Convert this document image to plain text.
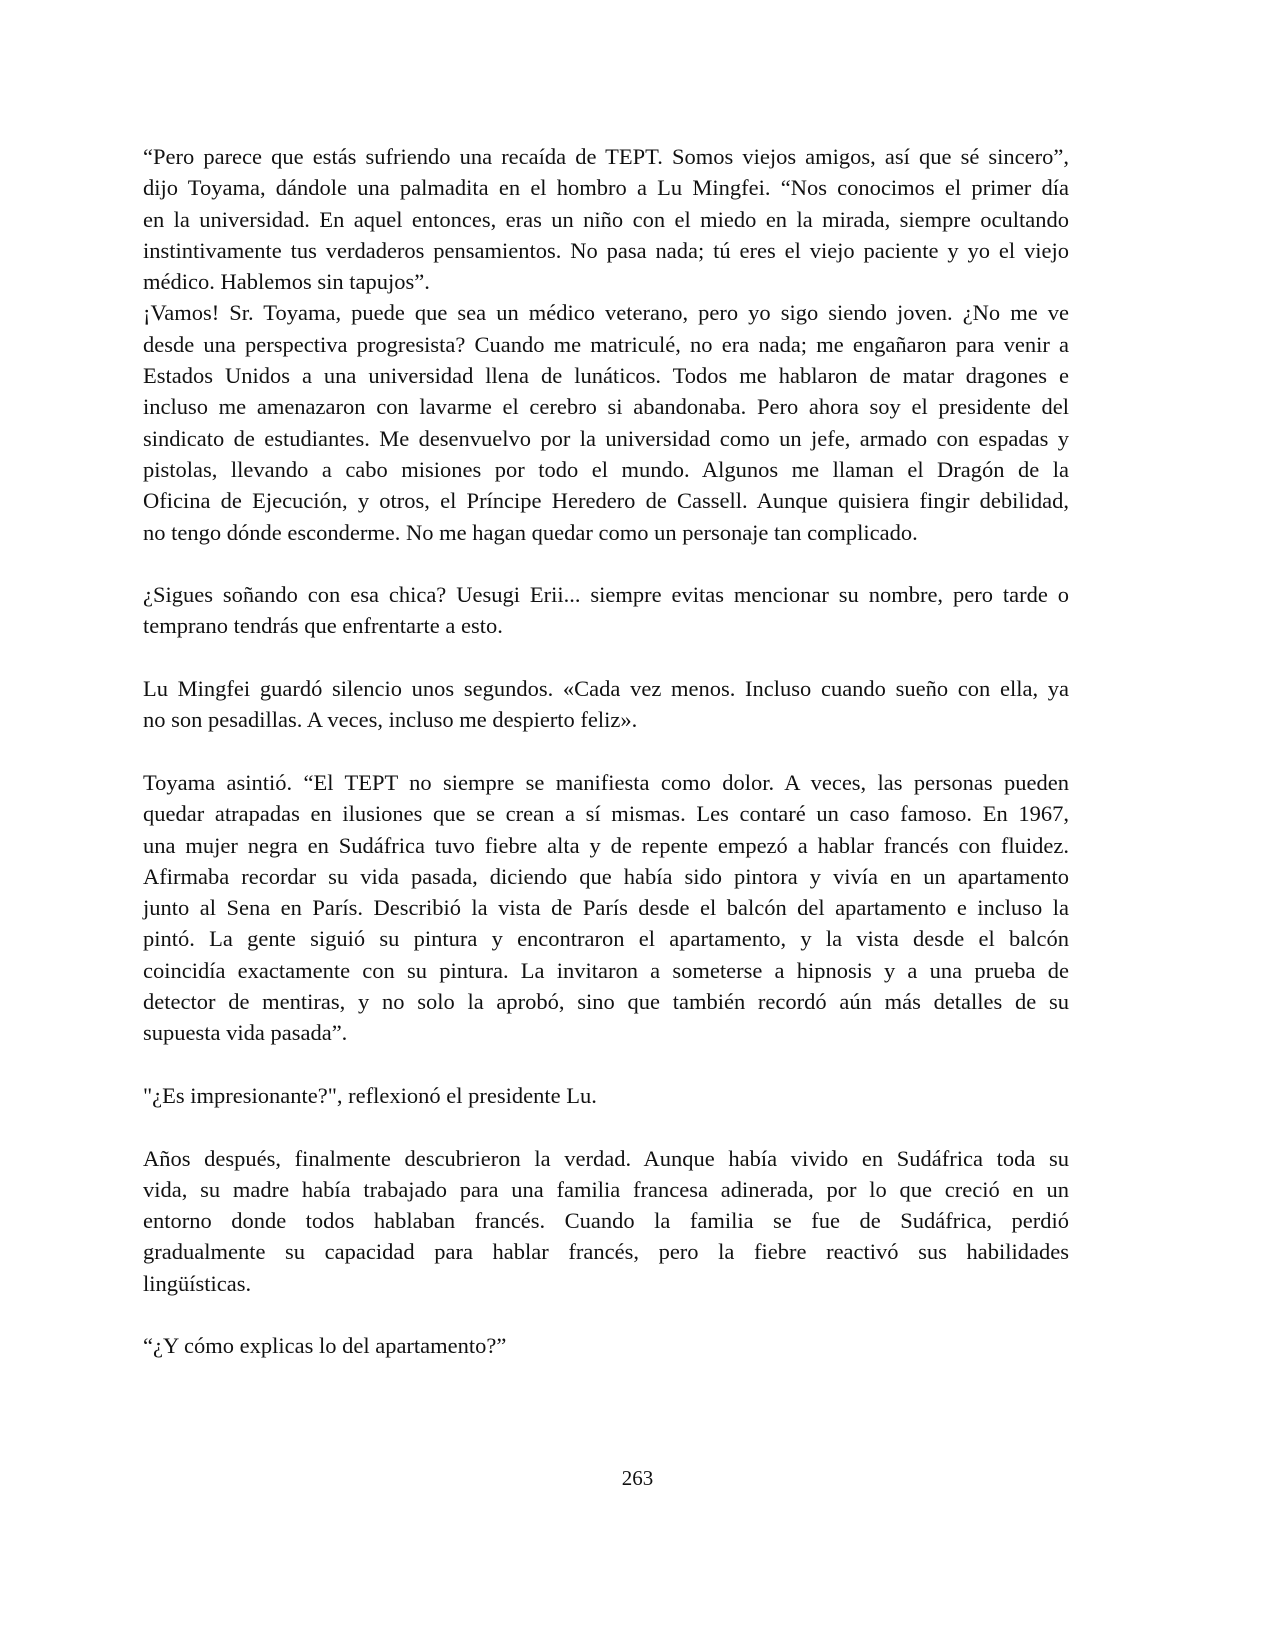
“Pero parece que estás sufriendo una recaída de TEPT. Somos viejos amigos, así que sé sincero”,
dijo Toyama, dándole una palmadita en el hombro a Lu Mingfei. “Nos conocimos el primer día
en la universidad. En aquel entonces, eras un niño con el miedo en la mirada, siempre ocultando
instintivamente tus verdaderos pensamientos. No pasa nada; tú eres el viejo paciente y yo el viejo
médico. Hablemos sin tapujos”.
¡Vamos! Sr. Toyama, puede que sea un médico veterano, pero yo sigo siendo joven. ¿No me ve
desde una perspectiva progresista? Cuando me matriculé, no era nada; me engañaron para venir a
Estados Unidos a una universidad llena de lunáticos. Todos me hablaron de matar dragones e
incluso me amenazaron con lavarme el cerebro si abandonaba. Pero ahora soy el presidente del
sindicato de estudiantes. Me desenvuelvo por la universidad como un jefe, armado con espadas y
pistolas, llevando a cabo misiones por todo el mundo. Algunos me llaman el Dragón de la
Oficina de Ejecución, y otros, el Príncipe Heredero de Cassell. Aunque quisiera fingir debilidad,
no tengo dónde esconderme. No me hagan quedar como un personaje tan complicado.
¿Sigues soñando con esa chica? Uesugi Erii... siempre evitas mencionar su nombre, pero tarde o
temprano tendrás que enfrentarte a esto.
Lu Mingfei guardó silencio unos segundos. «Cada vez menos. Incluso cuando sueño con ella, ya
no son pesadillas. A veces, incluso me despierto feliz».
Toyama asintió. “El TEPT no siempre se manifiesta como dolor. A veces, las personas pueden
quedar atrapadas en ilusiones que se crean a sí mismas. Les contaré un caso famoso. En 1967,
una mujer negra en Sudáfrica tuvo fiebre alta y de repente empezó a hablar francés con fluidez.
Afirmaba recordar su vida pasada, diciendo que había sido pintora y vivía en un apartamento
junto al Sena en París. Describió la vista de París desde el balcón del apartamento e incluso la
pintó. La gente siguió su pintura y encontraron el apartamento, y la vista desde el balcón
coincidía exactamente con su pintura. La invitaron a someterse a hipnosis y a una prueba de
detector de mentiras, y no solo la aprobó, sino que también recordó aún más detalles de su
supuesta vida pasada”.
"¿Es impresionante?", reflexionó el presidente Lu.
Años después, finalmente descubrieron la verdad. Aunque había vivido en Sudáfrica toda su
vida, su madre había trabajado para una familia francesa adinerada, por lo que creció en un
entorno donde todos hablaban francés. Cuando la familia se fue de Sudáfrica, perdió
gradualmente su capacidad para hablar francés, pero la fiebre reactivó sus habilidades
lingüísticas.
“¿Y cómo explicas lo del apartamento?”
263
